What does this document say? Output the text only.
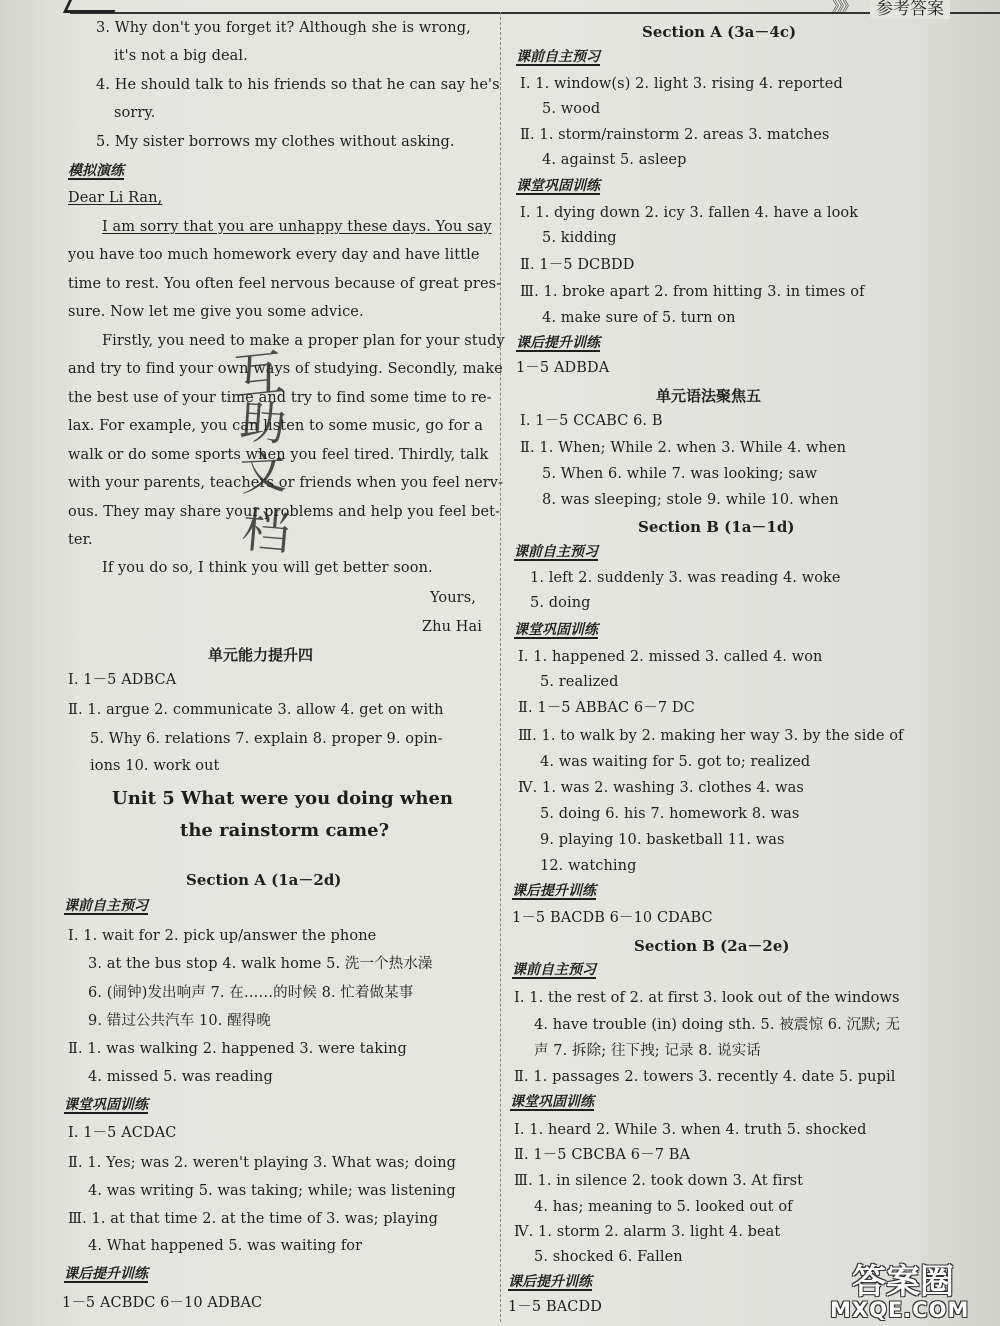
》》》	参考答案
3. Why don't you forget it? Although she is wrong,
it's not a big deal.
4. He should talk to his friends so that he can say he's
sorry.
5. My sister borrows my clothes without asking.
模拟演练
Dear Li Ran,
I am sorry that you are unhappy these days. You say
you have too much homework every day and have little
time to rest. You often feel nervous because of great pres-
sure. Now let me give you some advice.
Firstly, you need to make a proper plan for your study
and try to find your own ways of studying. Secondly, make
the best use of your time and try to find some time to re-
lax. For example, you can listen to some music, go for a
walk or do some sports when you feel tired. Thirdly, talk
with your parents, teachers or friends when you feel nerv-
ous. They may share your problems and help you feel bet-
ter.
If you do so, I think you will get better soon.
Yours,
Zhu Hai
互
助
文
档
单元能力提升四
Ⅰ. 1－5 ADBCA
Ⅱ. 1. argue 2. communicate 3. allow 4. get on with
5. Why 6. relations 7. explain 8. proper 9. opin-
ions 10. work out
Unit 5 What were you doing when
the rainstorm came?
Section A (1a－2d)
课前自主预习
Ⅰ. 1. wait for 2. pick up/answer the phone
3. at the bus stop 4. walk home 5. 洗一个热水澡
6. (闹钟)发出响声 7. 在……的时候 8. 忙着做某事
9. 错过公共汽车 10. 醒得晚
Ⅱ. 1. was walking 2. happened 3. were taking
4. missed 5. was reading
课堂巩固训练
Ⅰ. 1－5 ACDAC
Ⅱ. 1. Yes; was 2. weren't playing 3. What was; doing
4. was writing 5. was taking; while; was listening
Ⅲ. 1. at that time 2. at the time of 3. was; playing
4. What happened 5. was waiting for
课后提升训练
1－5 ACBDC 6－10 ADBAC
Section A (3a－4c)
课前自主预习
Ⅰ. 1. window(s) 2. light 3. rising 4. reported
5. wood
Ⅱ. 1. storm/rainstorm 2. areas 3. matches
4. against 5. asleep
课堂巩固训练
Ⅰ. 1. dying down 2. icy 3. fallen 4. have a look
5. kidding
Ⅱ. 1－5 DCBDD
Ⅲ. 1. broke apart 2. from hitting 3. in times of
4. make sure of 5. turn on
课后提升训练
1－5 ADBDA
单元语法聚焦五
Ⅰ. 1－5 CCABC 6. B
Ⅱ. 1. When; While 2. when 3. While 4. when
5. When 6. while 7. was looking; saw
8. was sleeping; stole 9. while 10. when
Section B (1a－1d)
课前自主预习
1. left 2. suddenly 3. was reading 4. woke
5. doing
课堂巩固训练
Ⅰ. 1. happened 2. missed 3. called 4. won
5. realized
Ⅱ. 1－5 ABBAC 6－7 DC
Ⅲ. 1. to walk by 2. making her way 3. by the side of
4. was waiting for 5. got to; realized
Ⅳ. 1. was 2. washing 3. clothes 4. was
5. doing 6. his 7. homework 8. was
9. playing 10. basketball 11. was
12. watching
课后提升训练
1－5 BACDB 6－10 CDABC
Section B (2a－2e)
课前自主预习
Ⅰ. 1. the rest of 2. at first 3. look out of the windows
4. have trouble (in) doing sth. 5. 被震惊 6. 沉默; 无
声 7. 拆除; 往下拽; 记录 8. 说实话
Ⅱ. 1. passages 2. towers 3. recently 4. date 5. pupil
课堂巩固训练
Ⅰ. 1. heard 2. While 3. when 4. truth 5. shocked
Ⅱ. 1－5 CBCBA 6－7 BA
Ⅲ. 1. in silence 2. took down 3. At first
4. has; meaning to 5. looked out of
Ⅳ. 1. storm 2. alarm 3. light 4. beat
5. shocked 6. Fallen
课后提升训练
1－5 BACDD
答案圈
MXQE.COM
